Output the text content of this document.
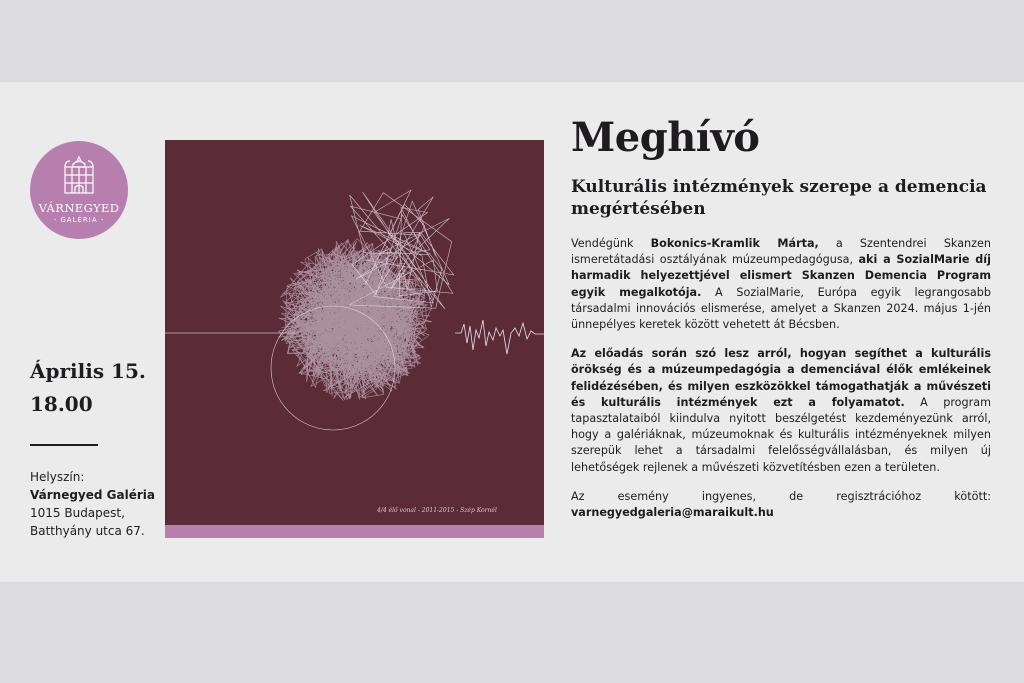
VÁRNEGYED
- GALÉRIA -
Április 15.
18.00
Helyszín:
Várnegyed Galéria
1015 Budapest,
Batthyány utca 67.
4/4 élő vonal - 2011-2015 - Szép Kornél
Meghívó
Kulturális intézmények szerepe a demencia megértésében

Vendégünk Bokonics-Kramlik Márta, a Szentendrei Skanzen ismeretátadási osztályának múzeumpedagógusa, aki a SozialMarie díj harmadik helyezettjével elismert Skanzen Demencia Program egyik megalkotója. A SozialMarie, Európa egyik legrangosabb társadalmi innovációs elismerése, amelyet a Skanzen 2024. május 1-jén ünnepélyes keretek között vehetett át Bécsben.

Az előadás során szó lesz arról, hogyan segíthet a kulturális örökség és a múzeumpedagógia a demenciával élők emlékeinek felidézésében, és milyen eszközökkel támogathatják a művészeti és kulturális intézmények ezt a folyamatot. A program tapasztalataiból kiindulva nyitott beszélgetést kezdeményezünk arról, hogy a galériáknak, múzeumoknak és kulturális intézményeknek milyen szerepük lehet a társadalmi felelősségvállalásban, és milyen új lehetőségek rejlenek a művészeti közvetítésben ezen a területen.

Az esemény ingyenes, de regisztrációhoz kötött: varnegyedgaleria@maraikult.hu
